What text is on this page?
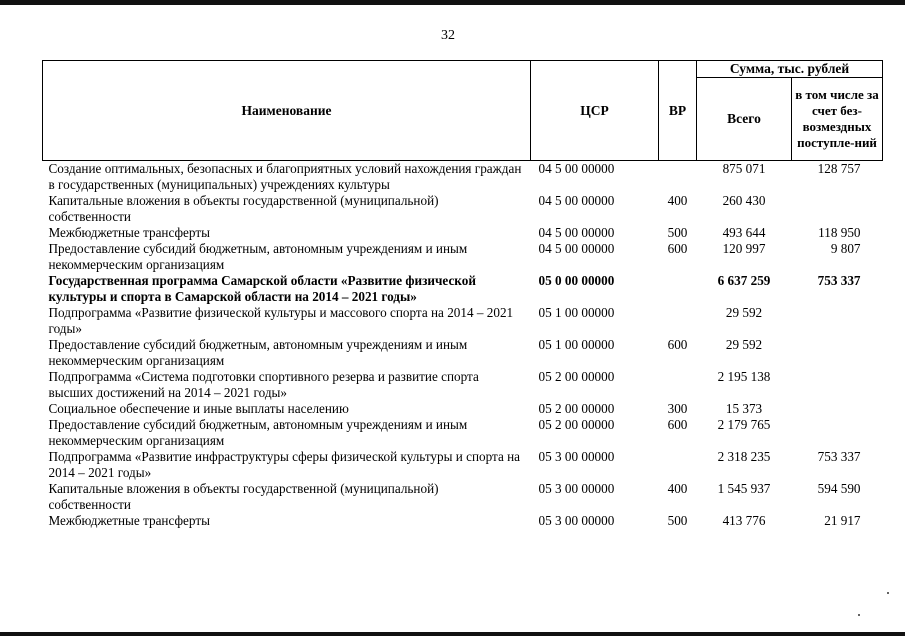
32
Наименование	ЦСР	ВР	Сумма, тыс. рублей	
			Всего	в том числе за счет без-возмездных поступле-ний
Создание оптимальных, безопасных и благоприятных условий нахождения граждан в государственных (муниципальных) учреждениях культуры	04 5 00 00000		875 071	128 757
Капитальные вложения в объекты государственной (муниципальной) собственности	04 5 00 00000	400	260 430	
Межбюджетные трансферты	04 5 00 00000	500	493 644	118 950
Предоставление субсидий бюджетным, автономным учреждениям и иным некоммерческим организациям	04 5 00 00000	600	120 997	9 807
Государственная программа Самарской области «Развитие физической культуры и спорта в Самарской области на 2014 – 2021 годы»	05 0 00 00000		6 637 259	753 337
Подпрограмма «Развитие физической культуры и массового спорта на 2014 – 2021 годы»	05 1 00 00000		29 592	
Предоставление субсидий бюджетным, автономным учреждениям и иным некоммерческим организациям	05 1 00 00000	600	29 592	
Подпрограмма «Система подготовки спортивного резерва и развитие спорта высших достижений на 2014 – 2021 годы»	05 2 00 00000		2 195 138	
Социальное обеспечение и иные выплаты населению	05 2 00 00000	300	15 373	
Предоставление субсидий бюджетным, автономным учреждениям и иным некоммерческим организациям	05 2 00 00000	600	2 179 765	
Подпрограмма «Развитие инфраструктуры сферы физической культуры и спорта на 2014 – 2021 годы»	05 3 00 00000		2 318 235	753 337
Капитальные вложения в объекты государственной (муниципальной) собственности	05 3 00 00000	400	1 545 937	594 590
Межбюджетные трансферты	05 3 00 00000	500	413 776	21 917
